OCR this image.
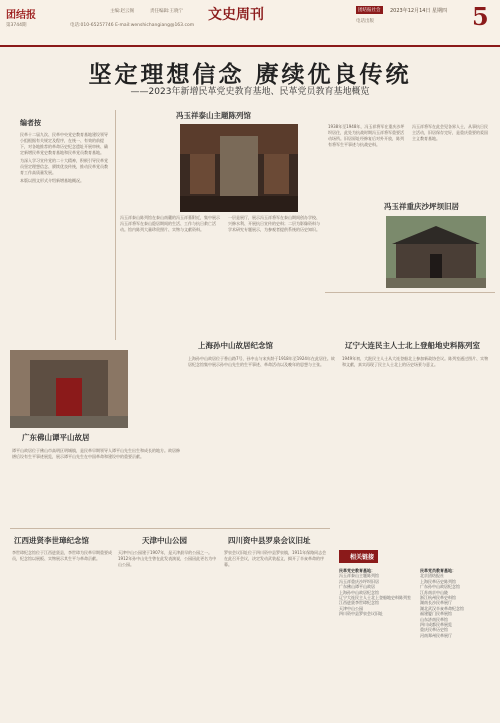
团结报
第3744期	电话:010-65257746 E-mail:wenshichangiang@163.com
主编:赵云阁	责任编辑:王晓宁 文史周刊	团结报社会
电话出版
2023年12月14日 星期四 5
坚定理想信念 赓续优良传统
——2023年新增民革党史教育基地、民革党员教育基地概览
编者按

民革十二届九次、民革中央党史教育基地建设领导小组根据有关规定及程序，在统一、有效的前提下，对各地推荐的革命历史纪念遗址开展审核、确定新增民革党史教育基地和民革党员教育基地。

为深入学习宣传党的二十大精神，积极引导民革党员坚定理想信念、赓续优良传统，推动民革党员教育工作高质量发展。

本版以图文形式介绍新增基地概况。

冯玉祥泰山主题陈列馆
冯玉祥泰山陈列馆在泰山南麓的冯玉祥墓附近，集中展示冯玉祥将军在泰山隐居期间的生活、工作与抗日救亡活动。馆内陈列大量珍贵照片、实物与文献资料。
一层是展厅，展示冯玉祥将军在泰山期间创办学校、兴修水利、开展抗日宣传的史料；二层为影像资料与学术研究专题展示，为参观者提供系统的历史知识。
1938年至1948年，冯玉祥将军在重庆沙坪坝居住，此处为抗战时期冯玉祥将军重要活动场所。旧居原址经修复后对外开放，陈列有将军生平事迹与抗战史料。
冯玉祥将军在此会见各界人士，从事抗日民主活动，旧居保存完好，是重庆重要的爱国主义教育基地。
冯玉祥重庆沙坪坝旧居
广东佛山谭平山故居
谭平山故居位于佛山市高明区明城镇，是民革早期领导人谭平山先生出生和成长的地方。故居修缮后设有生平事迹展览，展示谭平山先生在中国革命和建设中的重要贡献。
上海孙中山故居纪念馆
上海孙中山故居位于香山路7号，孙中山与宋庆龄于1918年至1924年在此居住。故居纪念馆集中展示孙中山先生的生平事迹、革命活动以及晚年的思想与主张。
辽宁大连民主人士北上登船地史料陈列室
1949年初，大批民主人士从大连登船北上参加新政协会议。陈列室通过图片、实物和文献，真实再现了民主人士北上的历史场景与意义。
江西进贤李世璋纪念馆
李世璋纪念馆位于江西进贤县，李世璋为民革早期重要成员，纪念馆以展板、实物展示其生平与革命贡献。
天津中山公园
天津中山公园建于1907年，是天津最早的公园之一。1912年孙中山先生曾在此发表演说，公园因此更名为中山公园。
四川资中县罗泉会议旧址
罗泉会议旧址位于四川资中县罗泉镇，1911年保路同志会在此召开会议，决定发动武装起义，揭开了辛亥革命的序幕。
相关链接
民革党史教育基地：
冯玉祥泰山主题陈列馆
冯玉祥重庆沙坪坝旧居
广东佛山谭平山故居
上海孙中山故居纪念馆
辽宁大连民主人士北上登船地史料陈列室
江西进贤李世璋纪念馆
天津中山公园
四川资中县罗泉会议旧址
民革党员教育基地：
北京团结报社
上海民革历史陈列馆
广东孙中山故居纪念馆
江苏南京中山陵
浙江杭州民革史料馆
湖南长沙民革展厅
湖北武汉辛亥革命纪念馆
福建厦门民革展馆
山东济南民革馆
四川成都民革展览
重庆民革历史馆
河南郑州民革展厅
